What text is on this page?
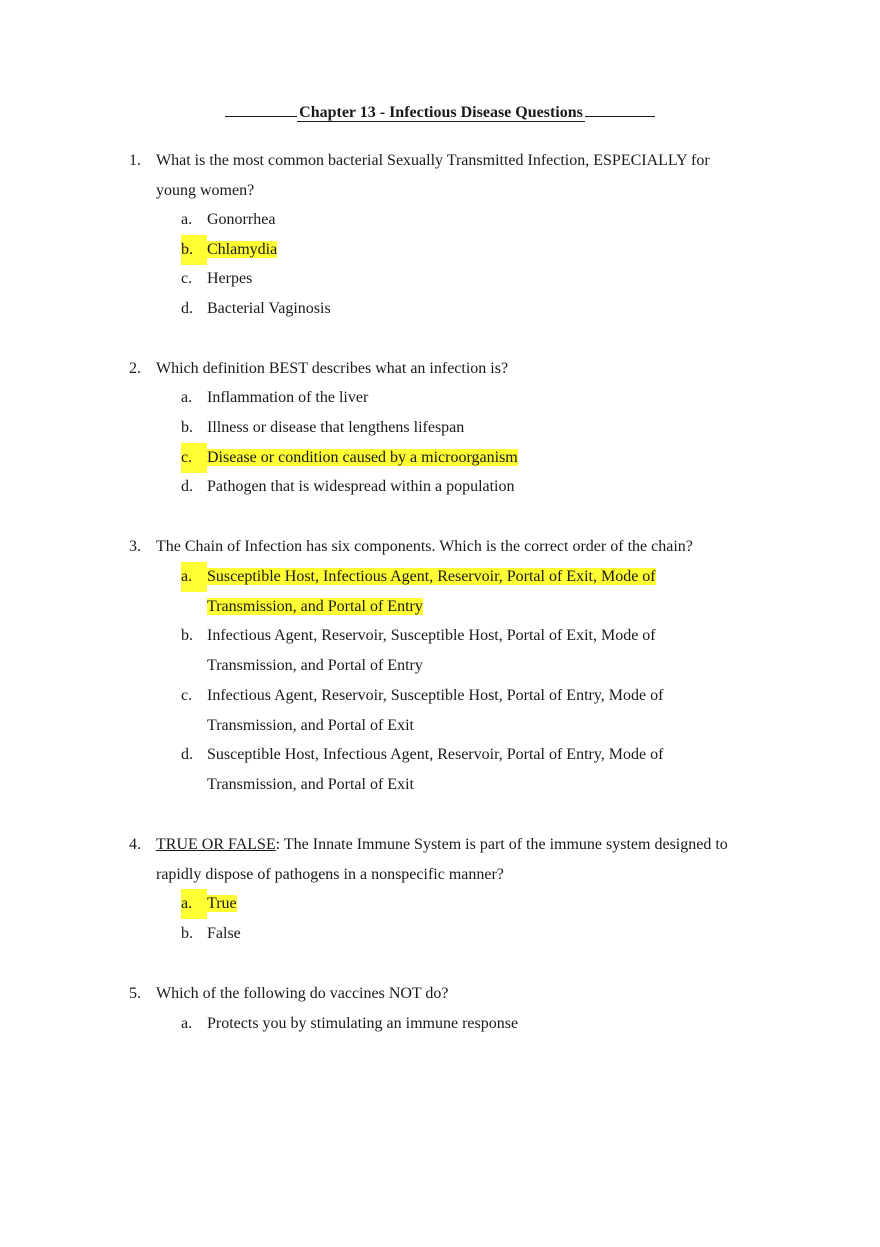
Chapter 13 - Infectious Disease Questions
1. What is the most common bacterial Sexually Transmitted Infection, ESPECIALLY for
young women?
a. Gonorrhea
b. Chlamydia
c. Herpes
d. Bacterial Vaginosis
2. Which definition BEST describes what an infection is?
a. Inflammation of the liver
b. Illness or disease that lengthens lifespan
c. Disease or condition caused by a microorganism
d. Pathogen that is widespread within a population
3. The Chain of Infection has six components. Which is the correct order of the chain?
a. Susceptible Host, Infectious Agent, Reservoir, Portal of Exit, Mode of
Transmission, and Portal of Entry
b. Infectious Agent, Reservoir, Susceptible Host, Portal of Exit, Mode of
Transmission, and Portal of Entry
c. Infectious Agent, Reservoir, Susceptible Host, Portal of Entry, Mode of
Transmission, and Portal of Exit
d. Susceptible Host, Infectious Agent, Reservoir, Portal of Entry, Mode of
Transmission, and Portal of Exit
4. TRUE OR FALSE: The Innate Immune System is part of the immune system designed to
rapidly dispose of pathogens in a nonspecific manner?
a. True
b. False
5. Which of the following do vaccines NOT do?
a. Protects you by stimulating an immune response
